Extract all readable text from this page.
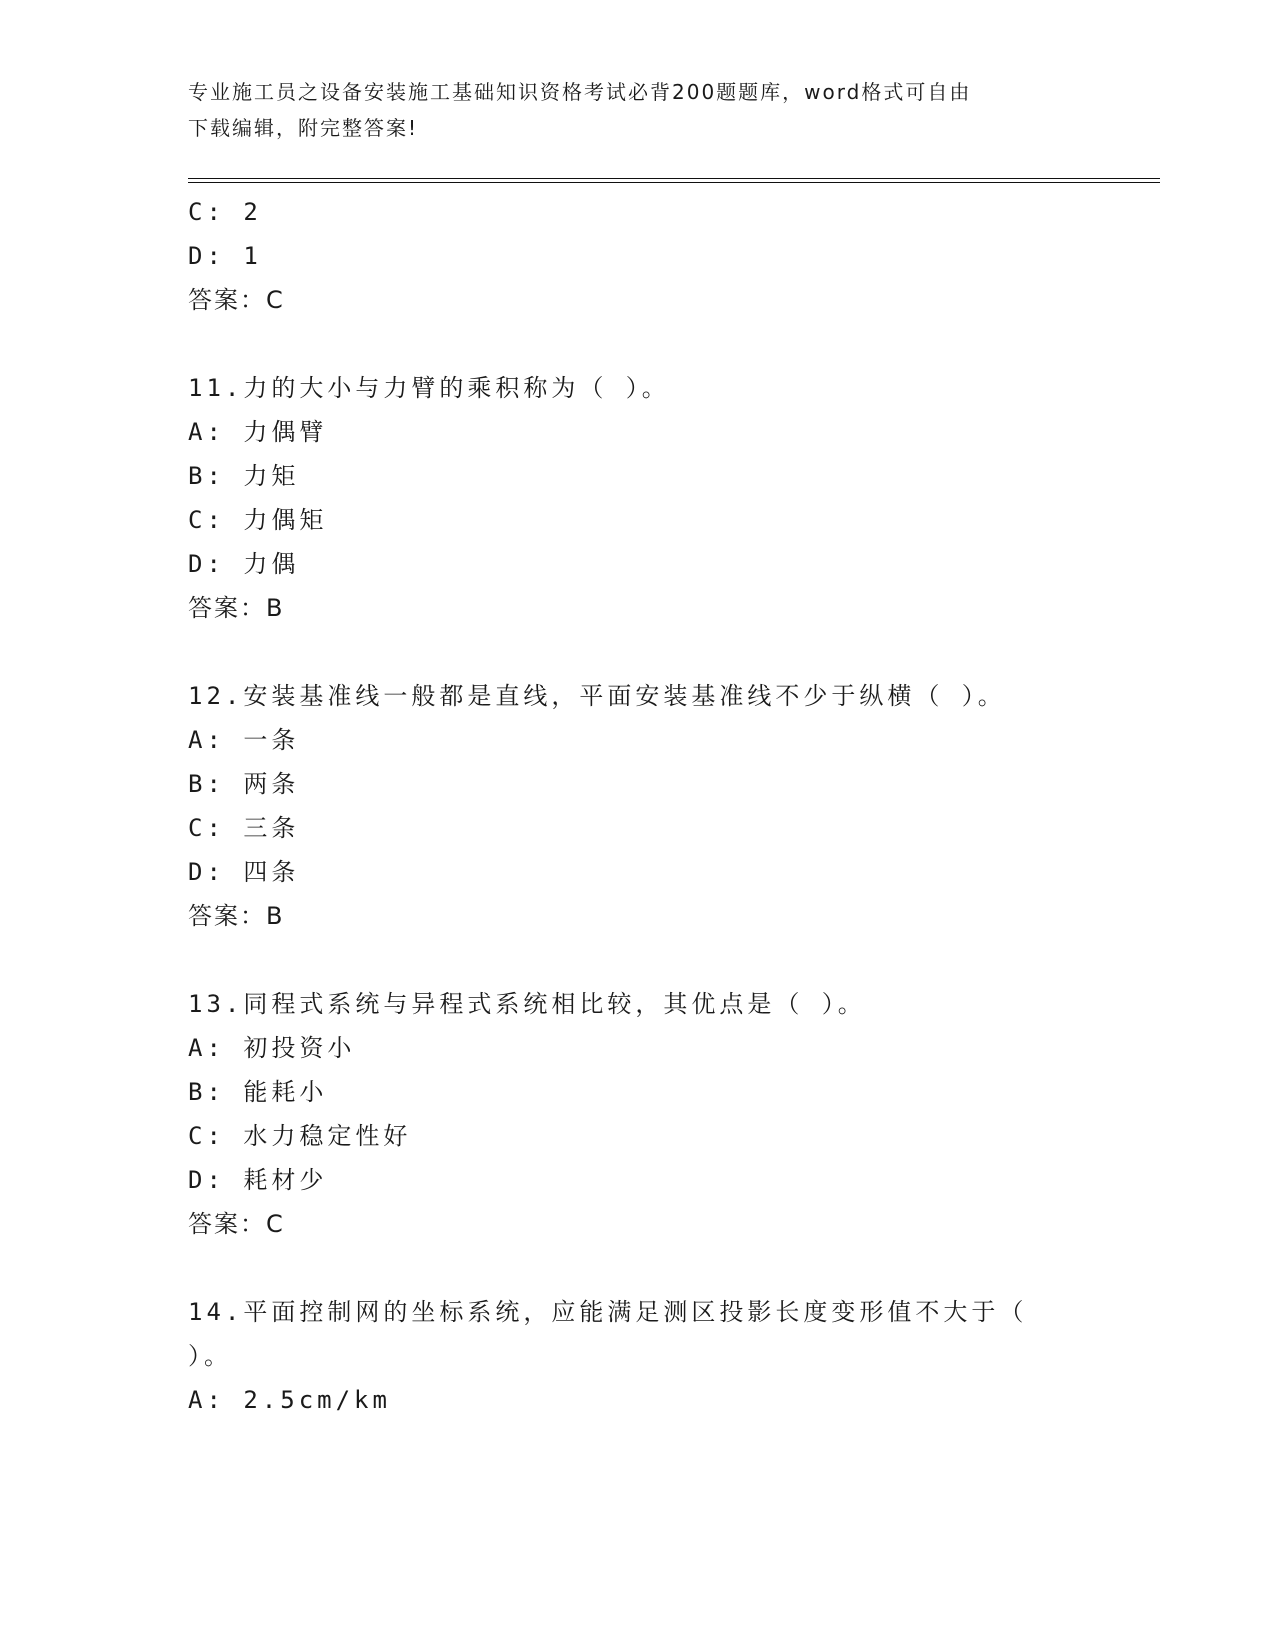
专业施工员之设备安装施工基础知识资格考试必背200题题库，word格式可自由
下载编辑，附完整答案!
C: 2
D: 1
答案：C
11.力的大小与力臂的乘积称为（ ）。
A: 力偶臂
B: 力矩
C: 力偶矩
D: 力偶
答案：B
12.安装基准线一般都是直线，平面安装基准线不少于纵横（ ）。
A: 一条
B: 两条
C: 三条
D: 四条
答案：B
13.同程式系统与异程式系统相比较，其优点是（ ）。
A: 初投资小
B: 能耗小
C: 水力稳定性好
D: 耗材少
答案：C
14.平面控制网的坐标系统，应能满足测区投影长度变形值不大于（
）。
A: 2.5cm/km
